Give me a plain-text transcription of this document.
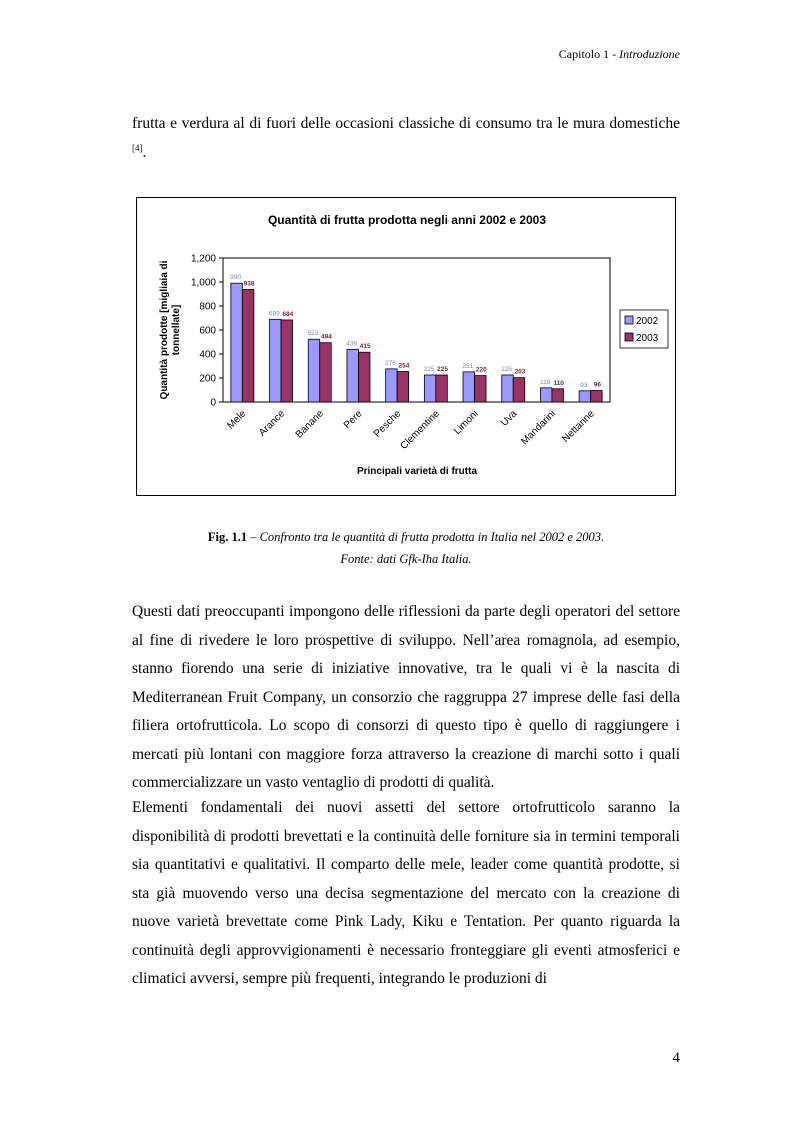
Capitolo 1 - Introduzione

frutta e verdura al di fuori delle occasioni classiche di consumo tra le mura domestiche [4].

Quantità di frutta prodotta negli anni 2002 e 2003
0
200
400
600
800
1,000
1,200
Quantità prodotte [migliaia ditonnellate]
990
938
Mele
689 684
Arance
523 494
Banane
439 415
Pere
276 254
Pesche
225 225
Clementine
251
220
Limoni
225 203
Uva
118 110
Mandarini
93 96
Nettarine
Principali varietà di frutta
2002
2003

Fig. 1.1 – Confronto tra le quantità di frutta prodotta in Italia nel 2002 e 2003.

Fonte: dati Gfk-Iha Italia.

Questi dati preoccupanti impongono delle riflessioni da parte degli operatori del settore al fine di rivedere le loro prospettive di sviluppo. Nell’area romagnola, ad esempio, stanno fiorendo una serie di iniziative innovative, tra le quali vi è la nascita di Mediterranean Fruit Company, un consorzio che raggruppa 27 imprese delle fasi della filiera ortofrutticola. Lo scopo di consorzi di questo tipo è quello di raggiungere i mercati più lontani con maggiore forza attraverso la creazione di marchi sotto i quali commercializzare un vasto ventaglio di prodotti di qualità.

Elementi fondamentali dei nuovi assetti del settore ortofrutticolo saranno la disponibilità di prodotti brevettati e la continuità delle forniture sia in termini temporali sia quantitativi e qualitativi. Il comparto delle mele, leader come quantità prodotte, si sta già muovendo verso una decisa segmentazione del mercato con la creazione di nuove varietà brevettate come Pink Lady, Kiku e Tentation. Per quanto riguarda la continuità degli approvvigionamenti è necessario fronteggiare gli eventi atmosferici e climatici avversi, sempre più frequenti, integrando le produzioni di

4
